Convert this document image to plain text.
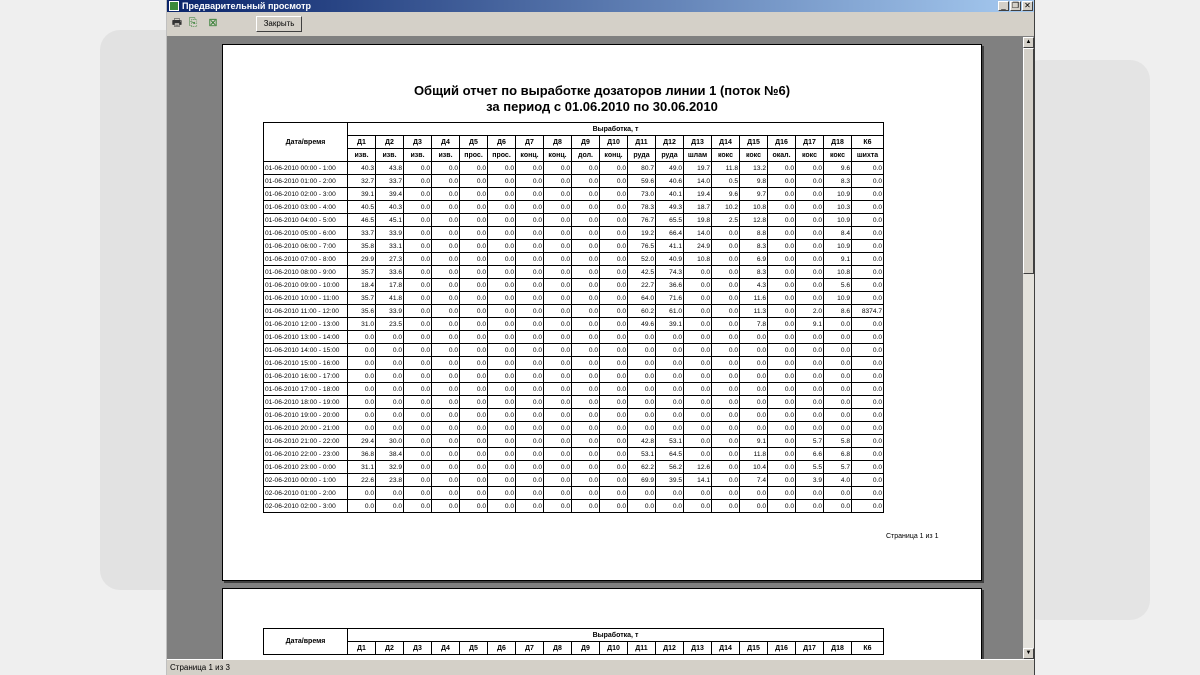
Предварительный просмотр	_ ❐ ✕
🖶 ⎘ ⊠	Закрыть
Общий отчет по выработке дозаторов линии 1 (поток №6)
за период с 01.06.2010 по 30.06.2010
Дата/время	Выработка, т																		
	Д1	Д2	Д3	Д4	Д5	Д6	Д7	Д8	Д9	Д10	Д11	Д12	Д13	Д14	Д15	Д16	Д17	Д18	К6
	изв.	изв.	изв.	изв.	прос.	прос.	конц.	конц.	дол.	конц.	руда	руда	шлам	кокс	кокс	окал.	кокс	кокс	шихта
01-06-2010 00:00 - 1:00	40.3	43.8	0.0	0.0	0.0	0.0	0.0	0.0	0.0	0.0	80.7	49.0	19.7	11.8	13.2	0.0	0.0	9.6	0.0
01-06-2010 01:00 - 2:00	32.7	33.7	0.0	0.0	0.0	0.0	0.0	0.0	0.0	0.0	59.6	40.6	14.0	0.5	9.8	0.0	0.0	8.3	0.0
01-06-2010 02:00 - 3:00	39.1	39.4	0.0	0.0	0.0	0.0	0.0	0.0	0.0	0.0	73.0	40.1	19.4	9.6	9.7	0.0	0.0	10.9	0.0
01-06-2010 03:00 - 4:00	40.5	40.3	0.0	0.0	0.0	0.0	0.0	0.0	0.0	0.0	78.3	49.3	18.7	10.2	10.8	0.0	0.0	10.3	0.0
01-06-2010 04:00 - 5:00	46.5	45.1	0.0	0.0	0.0	0.0	0.0	0.0	0.0	0.0	76.7	65.5	19.8	2.5	12.8	0.0	0.0	10.9	0.0
01-06-2010 05:00 - 6:00	33.7	33.9	0.0	0.0	0.0	0.0	0.0	0.0	0.0	0.0	19.2	66.4	14.0	0.0	8.8	0.0	0.0	8.4	0.0
01-06-2010 06:00 - 7:00	35.8	33.1	0.0	0.0	0.0	0.0	0.0	0.0	0.0	0.0	76.5	41.1	24.9	0.0	8.3	0.0	0.0	10.9	0.0
01-06-2010 07:00 - 8:00	29.9	27.3	0.0	0.0	0.0	0.0	0.0	0.0	0.0	0.0	52.0	40.9	10.8	0.0	6.9	0.0	0.0	9.1	0.0
01-06-2010 08:00 - 9:00	35.7	33.6	0.0	0.0	0.0	0.0	0.0	0.0	0.0	0.0	42.5	74.3	0.0	0.0	8.3	0.0	0.0	10.8	0.0
01-06-2010 09:00 - 10:00	18.4	17.8	0.0	0.0	0.0	0.0	0.0	0.0	0.0	0.0	22.7	36.6	0.0	0.0	4.3	0.0	0.0	5.6	0.0
01-06-2010 10:00 - 11:00	35.7	41.8	0.0	0.0	0.0	0.0	0.0	0.0	0.0	0.0	64.0	71.6	0.0	0.0	11.6	0.0	0.0	10.9	0.0
01-06-2010 11:00 - 12:00	35.6	33.9	0.0	0.0	0.0	0.0	0.0	0.0	0.0	0.0	60.2	61.0	0.0	0.0	11.3	0.0	2.0	8.6	8374.7
01-06-2010 12:00 - 13:00	31.0	23.5	0.0	0.0	0.0	0.0	0.0	0.0	0.0	0.0	49.6	39.1	0.0	0.0	7.8	0.0	9.1	0.0	0.0
01-06-2010 13:00 - 14:00	0.0	0.0	0.0	0.0	0.0	0.0	0.0	0.0	0.0	0.0	0.0	0.0	0.0	0.0	0.0	0.0	0.0	0.0	0.0
01-06-2010 14:00 - 15:00	0.0	0.0	0.0	0.0	0.0	0.0	0.0	0.0	0.0	0.0	0.0	0.0	0.0	0.0	0.0	0.0	0.0	0.0	0.0
01-06-2010 15:00 - 16:00	0.0	0.0	0.0	0.0	0.0	0.0	0.0	0.0	0.0	0.0	0.0	0.0	0.0	0.0	0.0	0.0	0.0	0.0	0.0
01-06-2010 16:00 - 17:00	0.0	0.0	0.0	0.0	0.0	0.0	0.0	0.0	0.0	0.0	0.0	0.0	0.0	0.0	0.0	0.0	0.0	0.0	0.0
01-06-2010 17:00 - 18:00	0.0	0.0	0.0	0.0	0.0	0.0	0.0	0.0	0.0	0.0	0.0	0.0	0.0	0.0	0.0	0.0	0.0	0.0	0.0
01-06-2010 18:00 - 19:00	0.0	0.0	0.0	0.0	0.0	0.0	0.0	0.0	0.0	0.0	0.0	0.0	0.0	0.0	0.0	0.0	0.0	0.0	0.0
01-06-2010 19:00 - 20:00	0.0	0.0	0.0	0.0	0.0	0.0	0.0	0.0	0.0	0.0	0.0	0.0	0.0	0.0	0.0	0.0	0.0	0.0	0.0
01-06-2010 20:00 - 21:00	0.0	0.0	0.0	0.0	0.0	0.0	0.0	0.0	0.0	0.0	0.0	0.0	0.0	0.0	0.0	0.0	0.0	0.0	0.0
01-06-2010 21:00 - 22:00	29.4	30.0	0.0	0.0	0.0	0.0	0.0	0.0	0.0	0.0	42.8	53.1	0.0	0.0	9.1	0.0	5.7	5.8	0.0
01-06-2010 22:00 - 23:00	36.8	38.4	0.0	0.0	0.0	0.0	0.0	0.0	0.0	0.0	53.1	64.5	0.0	0.0	11.8	0.0	6.6	6.8	0.0
01-06-2010 23:00 - 0:00	31.1	32.9	0.0	0.0	0.0	0.0	0.0	0.0	0.0	0.0	62.2	56.2	12.6	0.0	10.4	0.0	5.5	5.7	0.0
02-06-2010 00:00 - 1:00	22.6	23.8	0.0	0.0	0.0	0.0	0.0	0.0	0.0	0.0	69.9	39.5	14.1	0.0	7.4	0.0	3.9	4.0	0.0
02-06-2010 01:00 - 2:00	0.0	0.0	0.0	0.0	0.0	0.0	0.0	0.0	0.0	0.0	0.0	0.0	0.0	0.0	0.0	0.0	0.0	0.0	0.0
02-06-2010 02:00 - 3:00	0.0	0.0	0.0	0.0	0.0	0.0	0.0	0.0	0.0	0.0	0.0	0.0	0.0	0.0	0.0	0.0	0.0	0.0	0.0
Страница 1 из 1
Дата/время	Выработка, т																		
	Д1	Д2	Д3	Д4	Д5	Д6	Д7	Д8	Д9	Д10	Д11	Д12	Д13	Д14	Д15	Д16	Д17	Д18	К6
▲
▼
Страница 1 из 3
